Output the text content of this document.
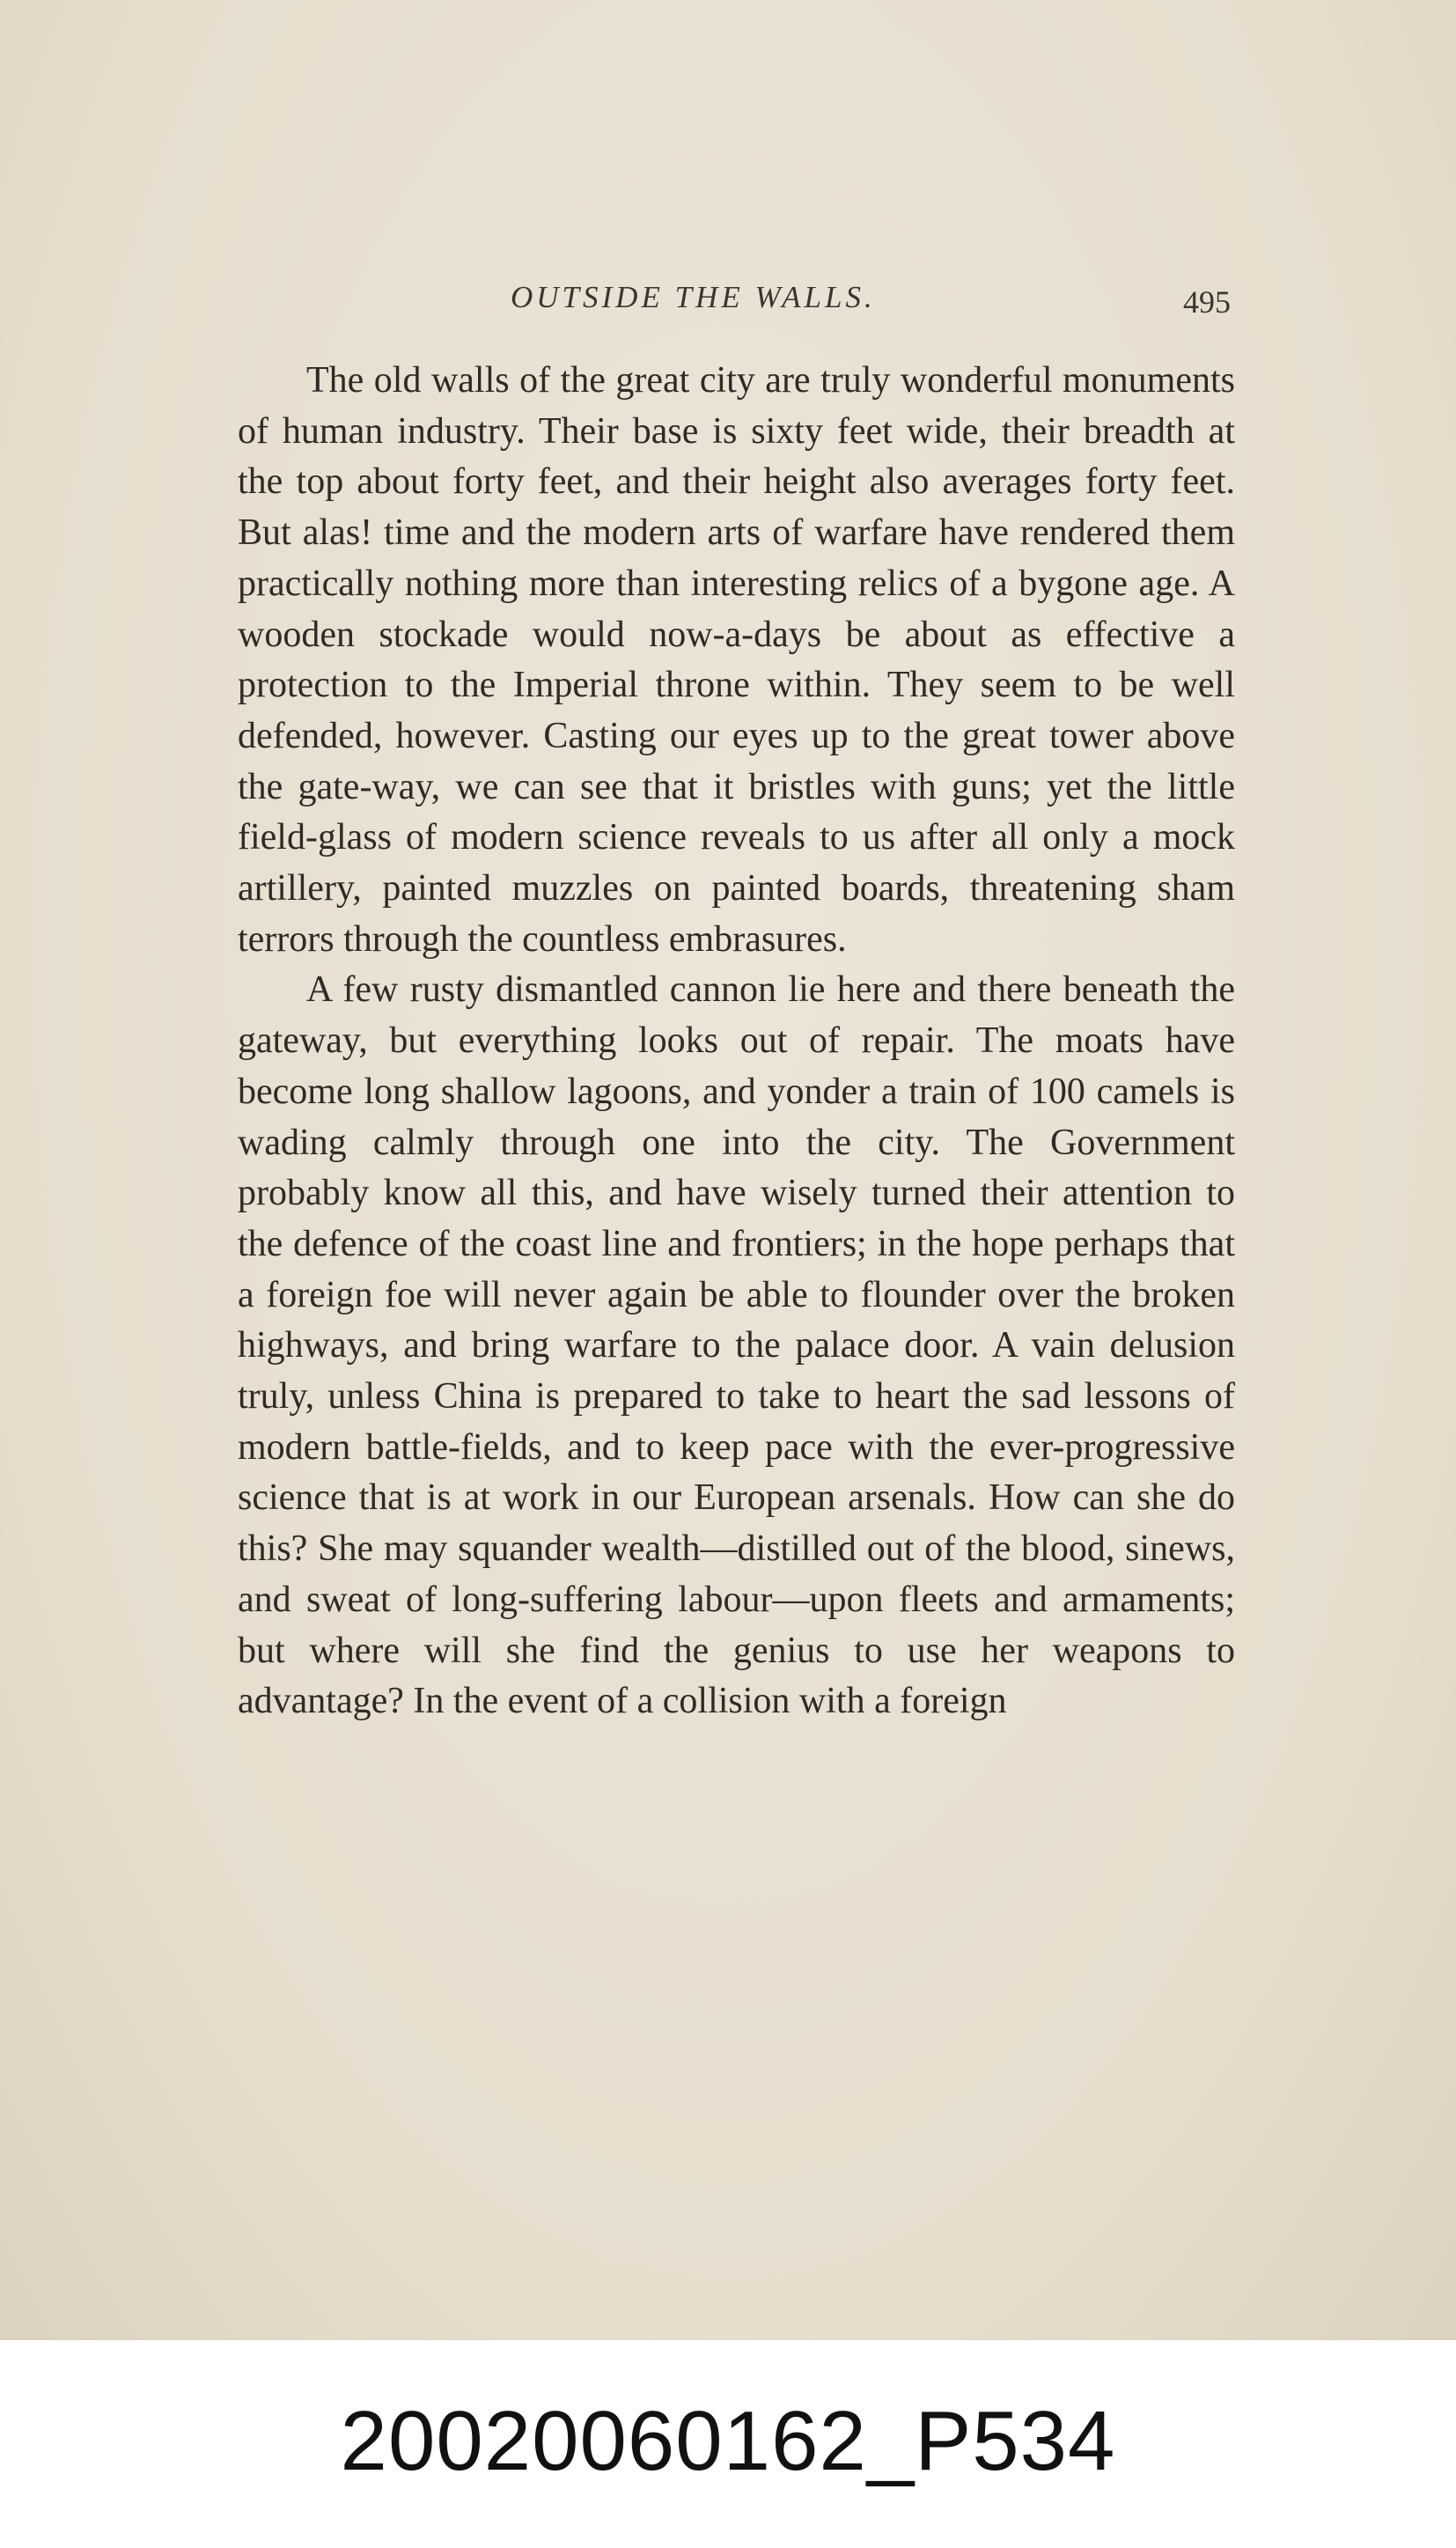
OUTSIDE THE WALLS.	495

The old walls of the great city are truly wonderful monuments of human industry. Their base is sixty feet wide, their breadth at the top about forty feet, and their height also averages forty feet. But alas! time and the modern arts of warfare have rendered them practically nothing more than interesting relics of a bygone age. A wooden stockade would now-a-days be about as effective a protection to the Imperial throne within. They seem to be well defended, however. Casting our eyes up to the great tower above the gate-way, we can see that it bristles with guns; yet the little field-glass of modern science reveals to us after all only a mock artillery, painted muzzles on painted boards, threatening sham terrors through the countless embrasures.

A few rusty dismantled cannon lie here and there beneath the gateway, but everything looks out of repair. The moats have become long shallow lagoons, and yonder a train of 100 camels is wading calmly through one into the city. The Government probably know all this, and have wisely turned their attention to the defence of the coast line and frontiers; in the hope perhaps that a foreign foe will never again be able to flounder over the broken highways, and bring warfare to the palace door. A vain delusion truly, unless China is prepared to take to heart the sad lessons of modern battle-fields, and to keep pace with the ever-progressive science that is at work in our European arsenals. How can she do this? She may squander wealth—distilled out of the blood, sinews, and sweat of long-suffering labour—upon fleets and armaments; but where will she find the genius to use her weapons to advantage? In the event of a collision with a foreign

20020060162_P534
